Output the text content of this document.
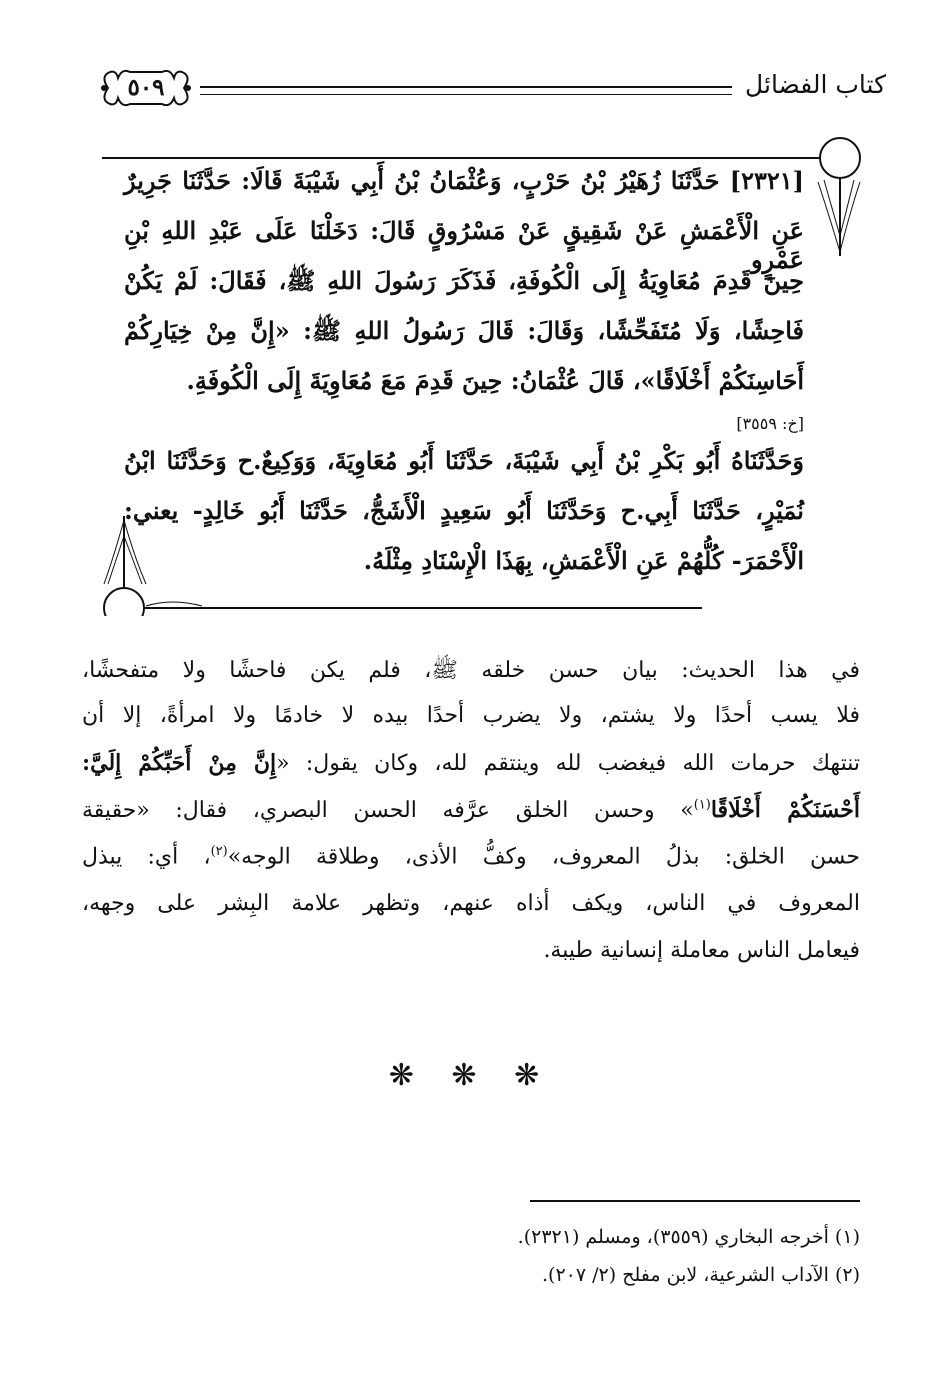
كتاب الفضائل
٥٠٩
[٢٣٢١] حَدَّثَنَا زُهَيْرُ بْنُ حَرْبٍ، وَعُثْمَانُ بْنُ أَبِي شَيْبَةَ قَالَا: حَدَّثَنَا جَرِيرٌ
عَنِ الْأَعْمَشِ عَنْ شَقِيقٍ عَنْ مَسْرُوقٍ قَالَ: دَخَلْنَا عَلَى عَبْدِ اللهِ بْنِ عَمْرٍو
حِينَ قَدِمَ مُعَاوِيَةُ إِلَى الْكُوفَةِ، فَذَكَرَ رَسُولَ اللهِ ﷺ، فَقَالَ: لَمْ يَكُنْ
فَاحِشًا، وَلَا مُتَفَحِّشًا، وَقَالَ: قَالَ رَسُولُ اللهِ ﷺ: «إِنَّ مِنْ خِيَارِكُمْ
أَحَاسِنَكُمْ أَخْلَاقًا»، قَالَ عُثْمَانُ: حِينَ قَدِمَ مَعَ مُعَاوِيَةَ إِلَى الْكُوفَةِ.
[خ: ٣٥٥٩]
وَحَدَّثَنَاهُ أَبُو بَكْرِ بْنُ أَبِي شَيْبَةَ، حَدَّثَنَا أَبُو مُعَاوِيَةَ، وَوَكِيعٌ.ح وَحَدَّثَنَا ابْنُ
نُمَيْرٍ، حَدَّثَنَا أَبِي.ح وَحَدَّثَنَا أَبُو سَعِيدٍ الْأَشَجُّ، حَدَّثَنَا أَبُو خَالِدٍ- يعني:
الْأَحْمَرَ- كُلُّهُمْ عَنِ الْأَعْمَشِ، بِهَذَا الْإِسْنَادِ مِثْلَهُ.
في هذا الحديث: بيان حسن خلقه ﷺ، فلم يكن فاحشًا ولا متفحشًا،
فلا يسب أحدًا ولا يشتم، ولا يضرب أحدًا بيده لا خادمًا ولا امرأةً، إلا أن
تنتهك حرمات الله فيغضب لله وينتقم لله، وكان يقول: «إِنَّ مِنْ أَحَبِّكُمْ إِلَيَّ:
أَحْسَنَكُمْ أَخْلَاقًا$^{(١)}$» وحسن الخلق عرَّفه الحسن البصري، فقال: «حقيقة
حسن الخلق: بذلُ المعروف، وكفُّ الأذى، وطلاقة الوجه»$^{(٢)}$، أي: يبذل
المعروف في الناس، ويكف أذاه عنهم، وتظهر علامة البِشر على وجهه،
فيعامل الناس معاملة إنسانية طيبة.
❋ ❋ ❋
(١) أخرجه البخاري (٣٥٥٩)، ومسلم (٢٣٢١).
(٢) الآداب الشرعية، لابن مفلح (٢/ ٢٠٧).
